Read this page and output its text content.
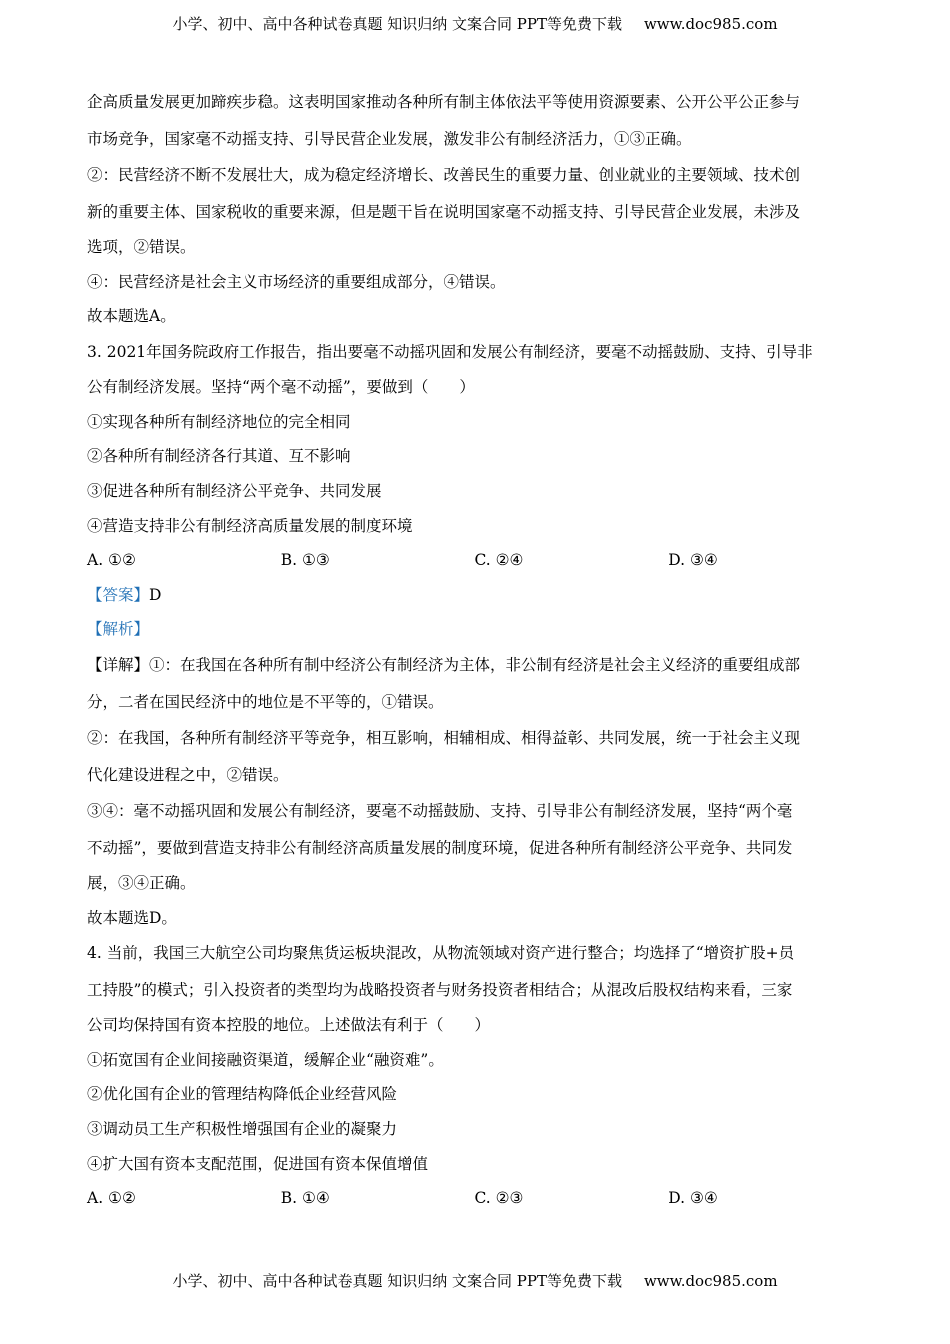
小学、初中、高中各种试卷真题 知识归纳 文案合同 PPT等免费下载 www.doc985.com
企高质量发展更加蹄疾步稳。这表明国家推动各种所有制主体依法平等使用资源要素、公开公平公正参与
市场竞争，国家毫不动摇支持、引导民营企业发展，激发非公有制经济活力，①③正确。
②：民营经济不断不发展壮大，成为稳定经济增长、改善民生的重要力量、创业就业的主要领域、技术创
新的重要主体、国家税收的重要来源，但是题干旨在说明国家毫不动摇支持、引导民营企业发展，未涉及
选项，②错误。
④：民营经济是社会主义市场经济的重要组成部分，④错误。
故本题选A。
3. 2021年国务院政府工作报告，指出要毫不动摇巩固和发展公有制经济，要毫不动摇鼓励、支持、引导非
公有制经济发展。坚持“两个毫不动摇”，要做到（　　）
①实现各种所有制经济地位的完全相同
②各种所有制经济各行其道、互不影响
③促进各种所有制经济公平竞争、共同发展
④营造支持非公有制经济高质量发展的制度环境
A. ①②	B. ①③	C. ②④	D. ③④
【答案】D
【解析】
【详解】①：在我国在各种所有制中经济公有制经济为主体，非公制有经济是社会主义经济的重要组成部
分，二者在国民经济中的地位是不平等的，①错误。
②：在我国，各种所有制经济平等竞争，相互影响，相辅相成、相得益彰、共同发展，统一于社会主义现
代化建设进程之中，②错误。
③④：毫不动摇巩固和发展公有制经济，要毫不动摇鼓励、支持、引导非公有制经济发展，坚持“两个毫
不动摇”，要做到营造支持非公有制经济高质量发展的制度环境，促进各种所有制经济公平竞争、共同发
展，③④正确。
故本题选D。
4. 当前，我国三大航空公司均聚焦货运板块混改，从物流领域对资产进行整合；均选择了“增资扩股+员
工持股”的模式；引入投资者的类型均为战略投资者与财务投资者相结合；从混改后股权结构来看，三家
公司均保持国有资本控股的地位。上述做法有利于（　　）
①拓宽国有企业间接融资渠道，缓解企业“融资难”。
②优化国有企业的管理结构降低企业经营风险
③调动员工生产积极性增强国有企业的凝聚力
④扩大国有资本支配范围，促进国有资本保值增值
A. ①②	B. ①④	C. ②③	D. ③④
小学、初中、高中各种试卷真题 知识归纳 文案合同 PPT等免费下载 www.doc985.com
